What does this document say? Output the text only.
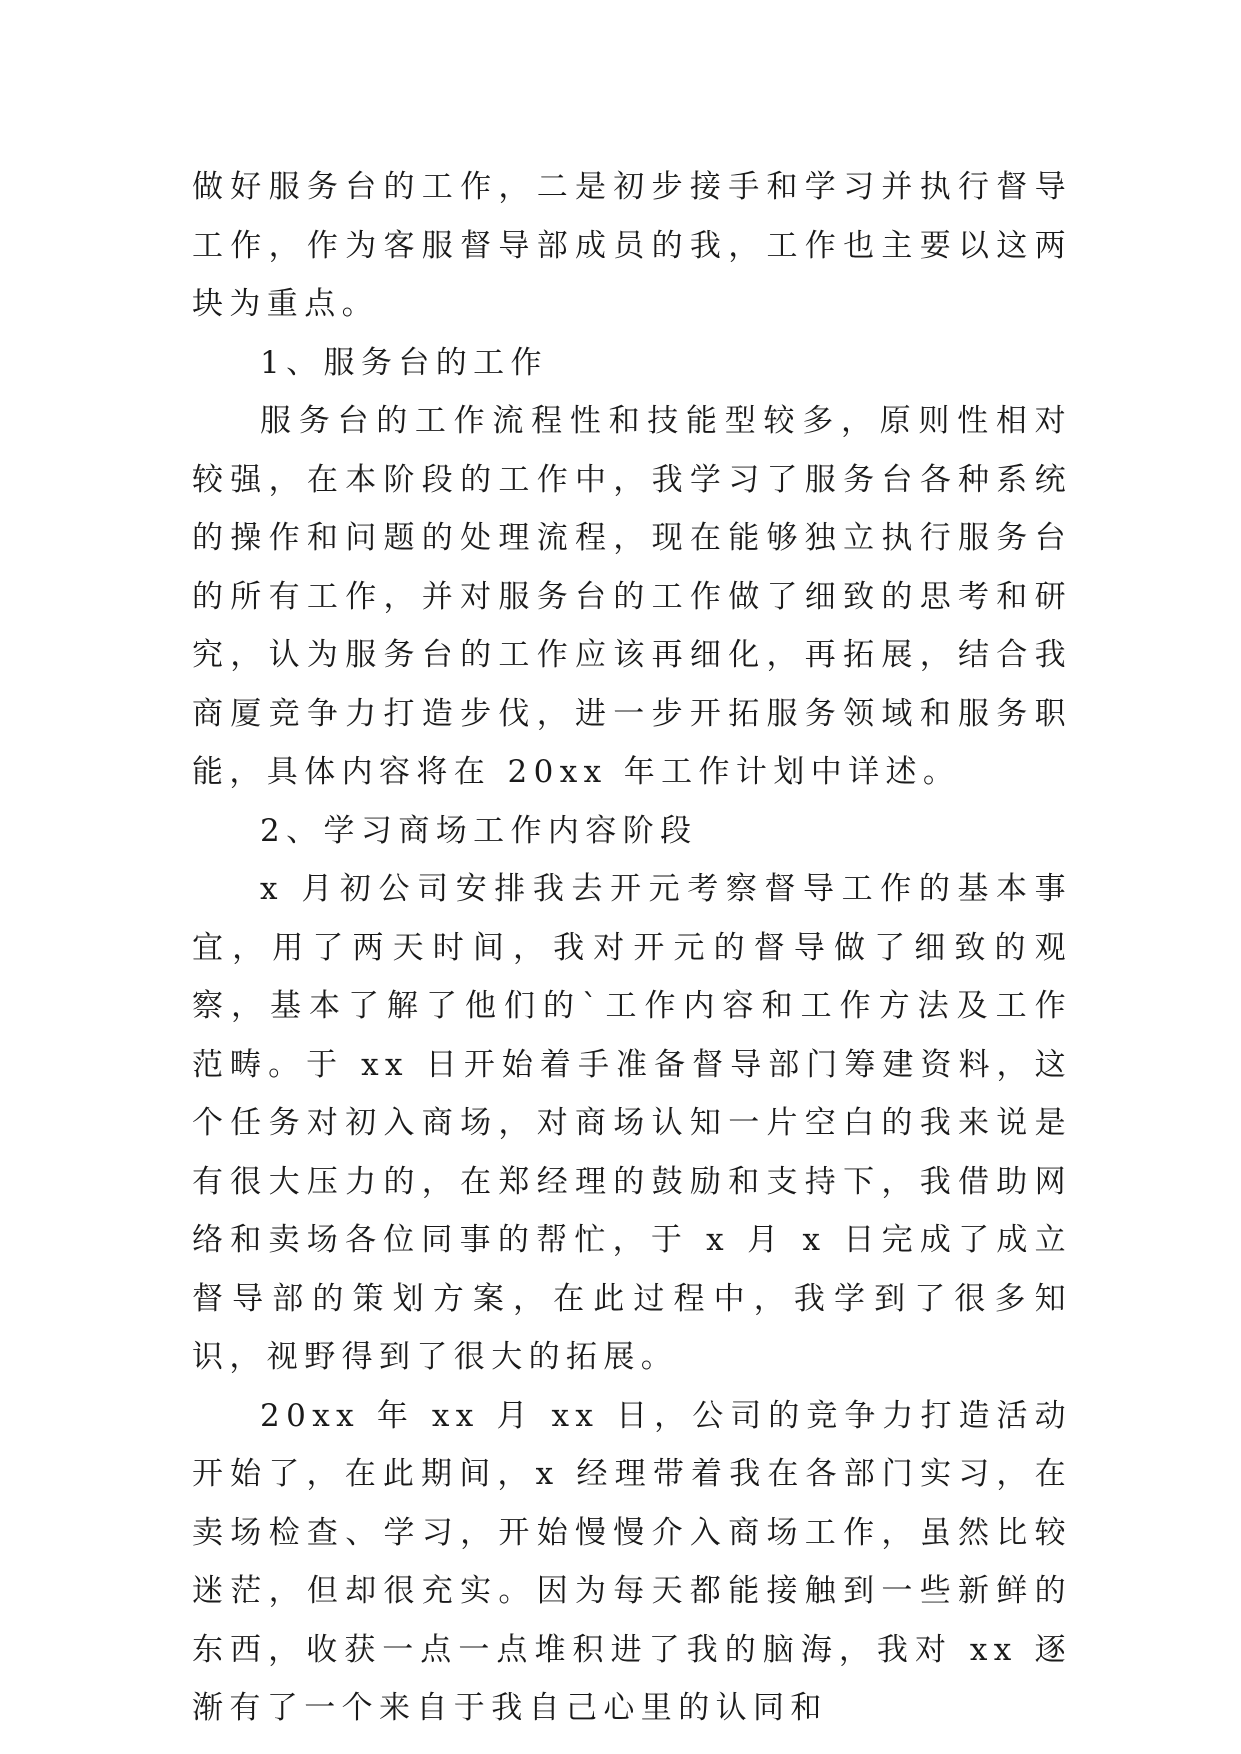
做好服务台的工作，二是初步接手和学习并执行督导工作，作为客服督导部成员的我，工作也主要以这两块为重点。

1、服务台的工作

服务台的工作流程性和技能型较多，原则性相对较强，在本阶段的工作中，我学习了服务台各种系统的操作和问题的处理流程，现在能够独立执行服务台的所有工作，并对服务台的工作做了细致的思考和研究，认为服务台的工作应该再细化，再拓展，结合我商厦竞争力打造步伐，进一步开拓服务领域和服务职能，具体内容将在 20xx 年工作计划中详述。

2、学习商场工作内容阶段

x 月初公司安排我去开元考察督导工作的基本事宜，用了两天时间，我对开元的督导做了细致的观察，基本了解了他们的`工作内容和工作方法及工作范畴。于 xx 日开始着手准备督导部门筹建资料，这个任务对初入商场，对商场认知一片空白的我来说是有很大压力的，在郑经理的鼓励和支持下，我借助网络和卖场各位同事的帮忙，于 x 月 x 日完成了成立督导部的策划方案，在此过程中，我学到了很多知识，视野得到了很大的拓展。

20xx 年 xx 月 xx 日，公司的竞争力打造活动开始了，在此期间，x 经理带着我在各部门实习，在卖场检查、学习，开始慢慢介入商场工作，虽然比较迷茫，但却很充实。因为每天都能接触到一些新鲜的东西，收获一点一点堆积进了我的脑海，我对 xx 逐渐有了一个来自于我自己心里的认同和
